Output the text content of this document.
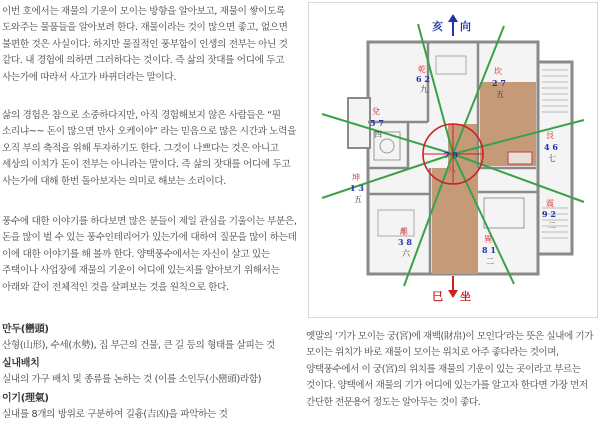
이번 호에서는 재물의 기운이 모이는 방향을 알아보고, 재물이 쌓이도록 도와주는 물품들을 알아보려 한다. 재물이라는 것이 많으면 좋고, 없으면 불편한 것은 사실이다. 하지만 물질적인 풍부함이 인생의 전부는 아닌 것 같다. 내 경험에 의하면 그러하다는 것이다. 즉 삶의 잣대를 어디에 두고 사는가에 따라서 사고가 바뀌더라는 말이다.

삶의 경험은 참으로 소중하다지만, 아직 경험해보지 않은 사람들은 “뭔 소리냐~~ 돈이 많으면 만사 오케이야” 라는 믿음으로 많은 시간과 노력을 오직 부의 축적을 위해 투자하기도 한다. 그것이 나쁘다는 것은 아니고 세상의 이치가 돈이 전부는 아니라는 말이다. 즉 삶의 잣대를 어디에 두고 사는가에 대해 한번 돌아보자는 의미로 해보는 소리이다.

풍수에 대한 이야기를 하다보면 많은 분들이 제일 관심을 기울이는 부분은, 돈을 많이 벌 수 있는 풍수인테리어가 있는가에 대하여 질문을 많이 하는데 이에 대한 이야기를 해 볼까 한다. 양택풍수에서는 자신이 살고 있는 주택이나 사업장에 재물의 기운이 어디에 있는지를 알아보기 위해서는 아래와 같이 전체적인 것을 살펴보는 것을 원칙으로 한다.

만두(巒頭)
산형(山形), 수세(水勢), 집 부근의 건물, 큰 길 등의 형태를 살피는 것
실내배치
실내의 가구 배치 및 종류를 논하는 것 (이를 소인두(小巒頭)라함)
이기(理氣)
실내를 8개의 방위로 구분하여 길흉(吉凶)을 파악하는 것
亥 向
乾
6 2
九
坎
2 7
五
艮
4 6
七
震
9 2
二
兌
5 7
四
坤
1 3
五
離
3 8
六
巽
8 1
二
7 9
八
巳 坐

옛말의 ‘기가 모이는 궁(宮)에 재백(財帛)이 모인다’라는 뜻은 실내에 기가 모이는 위치가 바로 재물이 모이는 위치로 아주 좋다라는 것이며, 양택풍수에서 이 궁(宮)의 위치를 재물의 기운이 있는 곳이라고 부르는 것이다. 양택에서 재물의 기가 어디에 있는가를 알고자 한다면 가장 먼저 간단한 전문용어 정도는 알아두는 것이 좋다.
